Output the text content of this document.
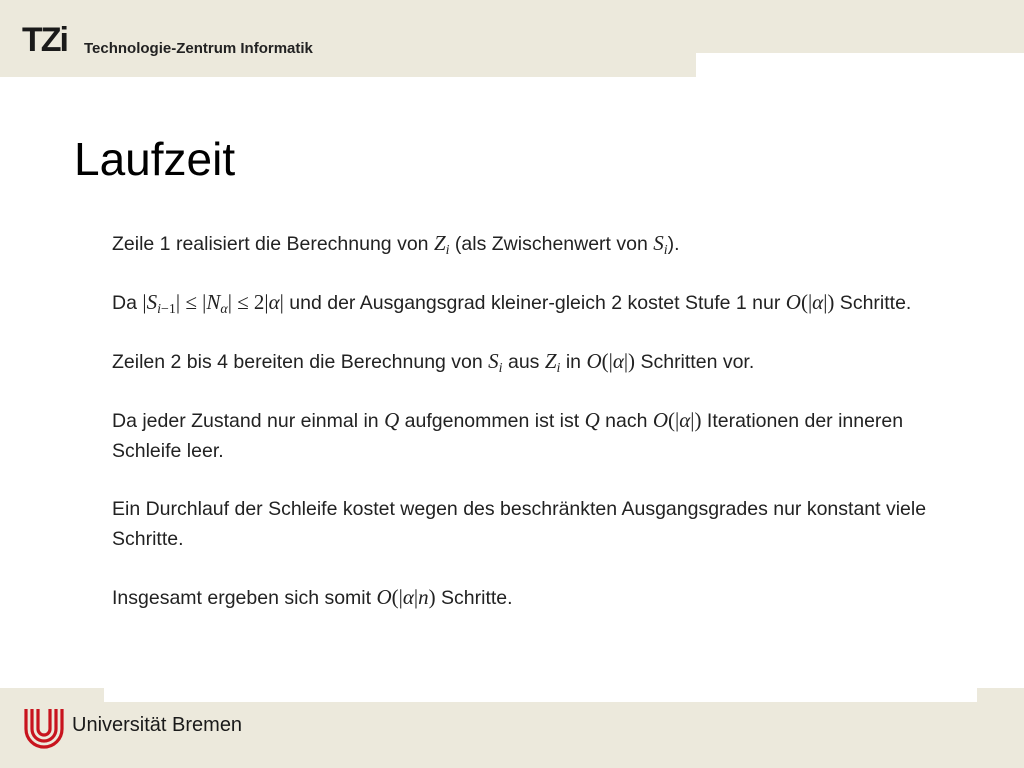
TZi Technologie-Zentrum Informatik
Laufzeit

Zeile 1 realisiert die Berechnung von $Z_i$ (als Zwischenwert von $S_i$).

Da $|S_{i-1}| \le |N_\alpha| \le 2|\alpha|$ und der Ausgangsgrad kleiner-gleich 2 kostet Stufe 1 nur O(|α|) Schritte.

Zeilen 2 bis 4 bereiten die Berechnung von $S_i$ aus $Z_i$ in O(|α|) Schritten vor.

Da jeder Zustand nur einmal in Q aufgenommen ist ist Q nach O(|α|) Iterationen der inneren Schleife leer.

Ein Durchlauf der Schleife kostet wegen des beschränkten Ausgangsgrades nur konstant viele Schritte.

Insgesamt ergeben sich somit O(|α|n) Schritte.

Universität Bremen
